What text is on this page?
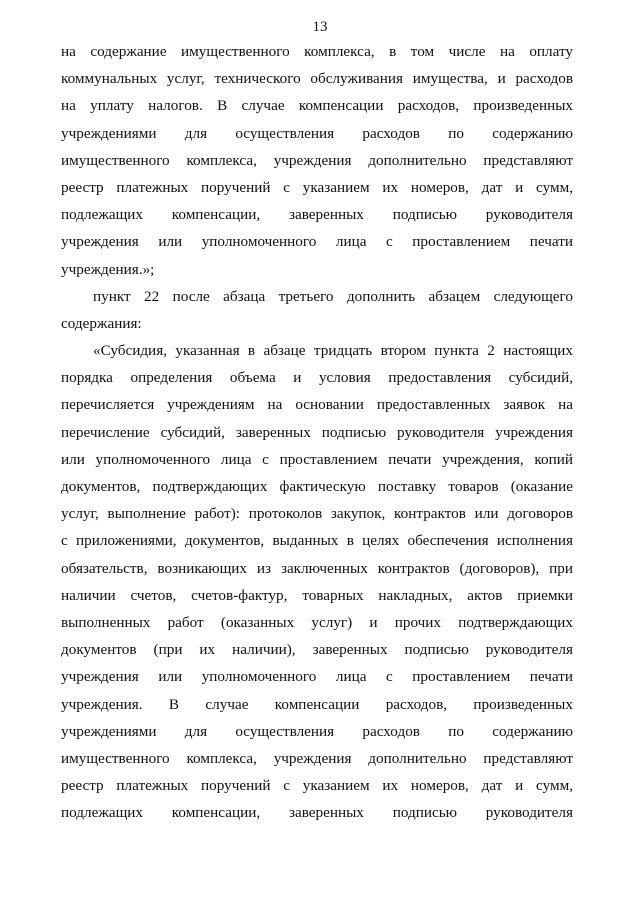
13
на содержание имущественного комплекса, в том числе на оплату
коммунальных услуг, технического обслуживания имущества, и расходов
на уплату налогов. В случае компенсации расходов, произведенных
учреждениями для осуществления расходов по содержанию
имущественного комплекса, учреждения дополнительно представляют
реестр платежных поручений с указанием их номеров, дат и сумм,
подлежащих компенсации, заверенных подписью руководителя
учреждения или уполномоченного лица с проставлением печати
учреждения.»;
пункт 22 после абзаца третьего дополнить абзацем следующего
содержания:
«Субсидия, указанная в абзаце тридцать втором пункта 2 настоящих
порядка определения объема и условия предоставления субсидий,
перечисляется учреждениям на основании предоставленных заявок на
перечисление субсидий, заверенных подписью руководителя учреждения
или уполномоченного лица с проставлением печати учреждения, копий
документов, подтверждающих фактическую поставку товаров (оказание
услуг, выполнение работ): протоколов закупок, контрактов или договоров
с приложениями, документов, выданных в целях обеспечения исполнения
обязательств, возникающих из заключенных контрактов (договоров), при
наличии счетов, счетов-фактур, товарных накладных, актов приемки
выполненных работ (оказанных услуг) и прочих подтверждающих
документов (при их наличии), заверенных подписью руководителя
учреждения или уполномоченного лица с проставлением печати
учреждения. В случае компенсации расходов, произведенных
учреждениями для осуществления расходов по содержанию
имущественного комплекса, учреждения дополнительно представляют
реестр платежных поручений с указанием их номеров, дат и сумм,
подлежащих компенсации, заверенных подписью руководителя
